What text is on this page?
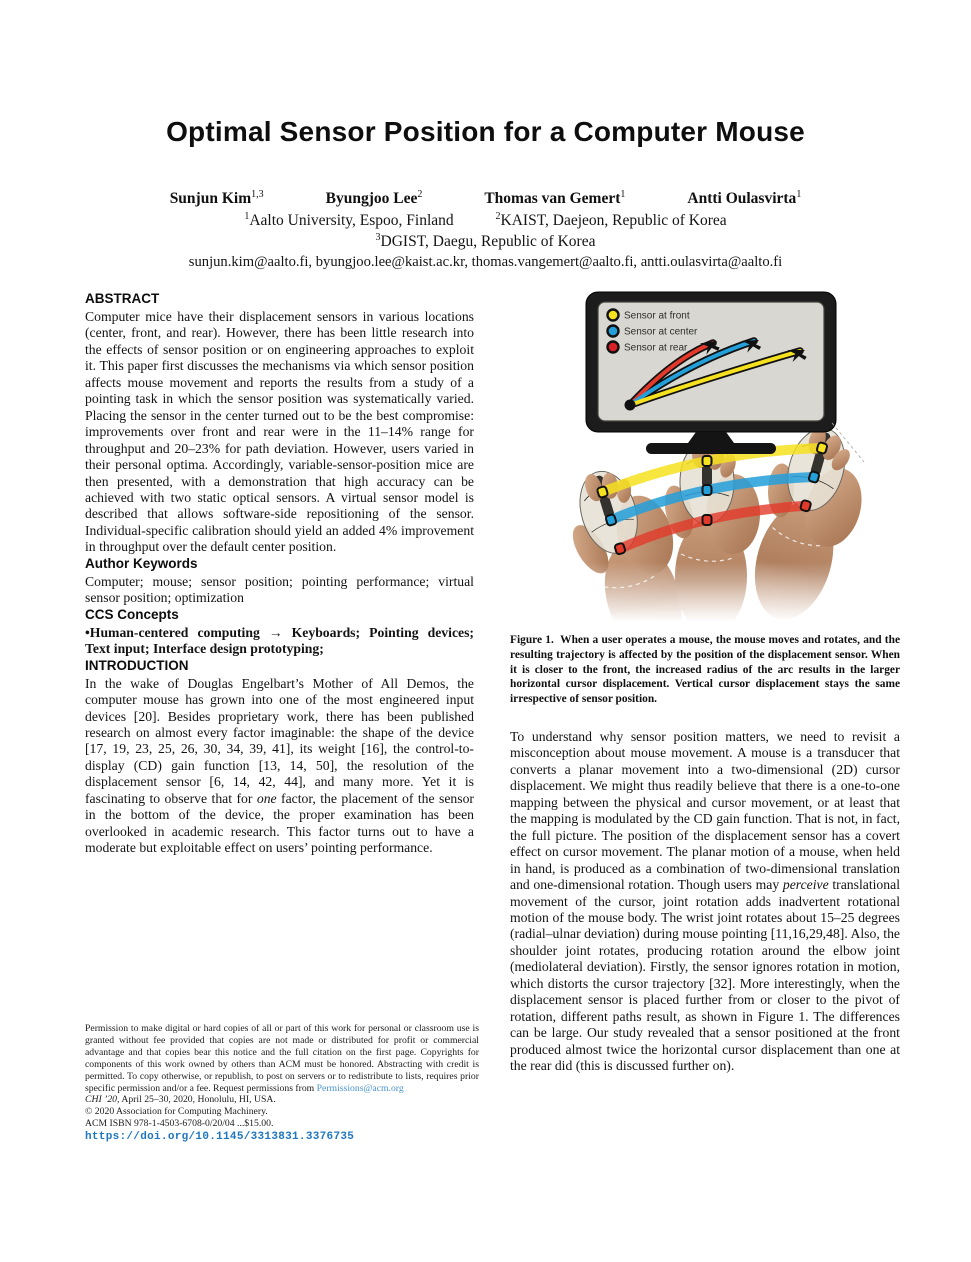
Optimal Sensor Position for a Computer Mouse
Sunjun Kim$^{1,3}$	Byungjoo Lee$^2$	Thomas van Gemert$^1$	Antti Oulasvirta$^1$
$^1$Aalto University, Espoo, Finland	$^2$KAIST, Daejeon, Republic of Korea
$^3$DGIST, Daegu, Republic of Korea
sunjun.kim@aalto.fi, byungjoo.lee@kaist.ac.kr, thomas.vangemert@aalto.fi, antti.oulasvirta@aalto.fi
ABSTRACT

Computer mice have their displacement sensors in various locations (center, front, and rear). However, there has been little research into the effects of sensor position or on engineering approaches to exploit it. This paper first discusses the mechanisms via which sensor position affects mouse movement and reports the results from a study of a pointing task in which the sensor position was systematically varied. Placing the sensor in the center turned out to be the best compromise: improvements over front and rear were in the 11–14% range for throughput and 20–23% for path deviation. However, users varied in their personal optima. Accordingly, variable-sensor-position mice are then presented, with a demonstration that high accuracy can be achieved with two static optical sensors. A virtual sensor model is described that allows software-side repositioning of the sensor. Individual-specific calibration should yield an added 4% improvement in throughput over the default center position.

Author Keywords

Computer; mouse; sensor position; pointing performance; virtual sensor position; optimization

CCS Concepts

•Human-centered computing → Keyboards; Pointing devices; Text input; Interface design prototyping;

INTRODUCTION

In the wake of Douglas Engelbart’s Mother of All Demos, the computer mouse has grown into one of the most engineered input devices [20]. Besides proprietary work, there has been published research on almost every factor imaginable: the shape of the device [17, 19, 23, 25, 26, 30, 34, 39, 41], its weight [16], the control-to-display (CD) gain function [13, 14, 50], the resolution of the displacement sensor [6, 14, 42, 44], and many more. Yet it is fascinating to observe that for one factor, the placement of the sensor in the bottom of the device, the proper examination has been overlooked in academic research. This factor turns out to have a moderate but exploitable effect on users’ pointing performance.

Permission to make digital or hard copies of all or part of this work for personal or classroom use is granted without fee provided that copies are not made or distributed for profit or commercial advantage and that copies bear this notice and the full citation on the first page. Copyrights for components of this work owned by others than ACM must be honored. Abstracting with credit is permitted. To copy otherwise, or republish, to post on servers or to redistribute to lists, requires prior specific permission and/or a fee. Request permissions from Permissions@acm.org
CHI ’20, April 25–30, 2020, Honolulu, HI, USA.
© 2020 Association for Computing Machinery.
ACM ISBN 978-1-4503-6708-0/20/04 ...$15.00.
https://doi.org/10.1145/3313831.3376735
Sensor at front
Sensor at center
Sensor at rear
Figure 1. When a user operates a mouse, the mouse moves and rotates, and the resulting trajectory is affected by the position of the displacement sensor. When it is closer to the front, the increased radius of the arc results in the larger horizontal cursor displacement. Vertical cursor displacement stays the same irrespective of sensor position.

To understand why sensor position matters, we need to revisit a misconception about mouse movement. A mouse is a transducer that converts a planar movement into a two-dimensional (2D) cursor displacement. We might thus readily believe that there is a one-to-one mapping between the physical and cursor movement, or at least that the mapping is modulated by the CD gain function. That is not, in fact, the full picture. The position of the displacement sensor has a covert effect on cursor movement. The planar motion of a mouse, when held in hand, is produced as a combination of two-dimensional translation and one-dimensional rotation. Though users may perceive translational movement of the cursor, joint rotation adds inadvertent rotational motion of the mouse body. The wrist joint rotates about 15–25 degrees (radial–ulnar deviation) during mouse pointing [11,16,29,48]. Also, the shoulder joint rotates, producing rotation around the elbow joint (mediolateral deviation). Firstly, the sensor ignores rotation in motion, which distorts the cursor trajectory [32]. More interestingly, when the displacement sensor is placed further from or closer to the pivot of rotation, different paths result, as shown in Figure 1. The differences can be large. Our study revealed that a sensor positioned at the front produced almost twice the horizontal cursor displacement than one at the rear did (this is discussed further on).
